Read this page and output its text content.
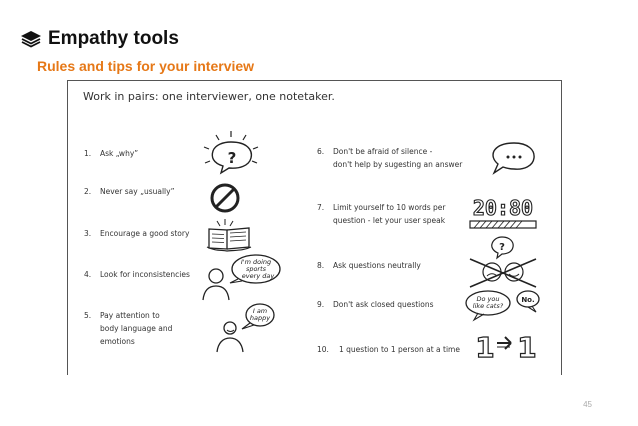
Empathy tools
Rules and tips for your interview
Work in pairs: one interviewer, one notetaker.
1. Ask „why”
2. Never say „usually”
3. Encourage a good story
4. Look for inconsistencies
5. Pay attention to
body language and
emotions
6. Don't be afraid of silence -
don't help by sugesting an answer
7. Limit yourself to 10 words per
question - let your user speak
8. Ask questions neutrally
9. Don't ask closed questions
10. 1 question to 1 person at a time
?
I'm doing
sports
every day
I am
happy
20:80
?
Do you
like cats?
No.
1 1
45
